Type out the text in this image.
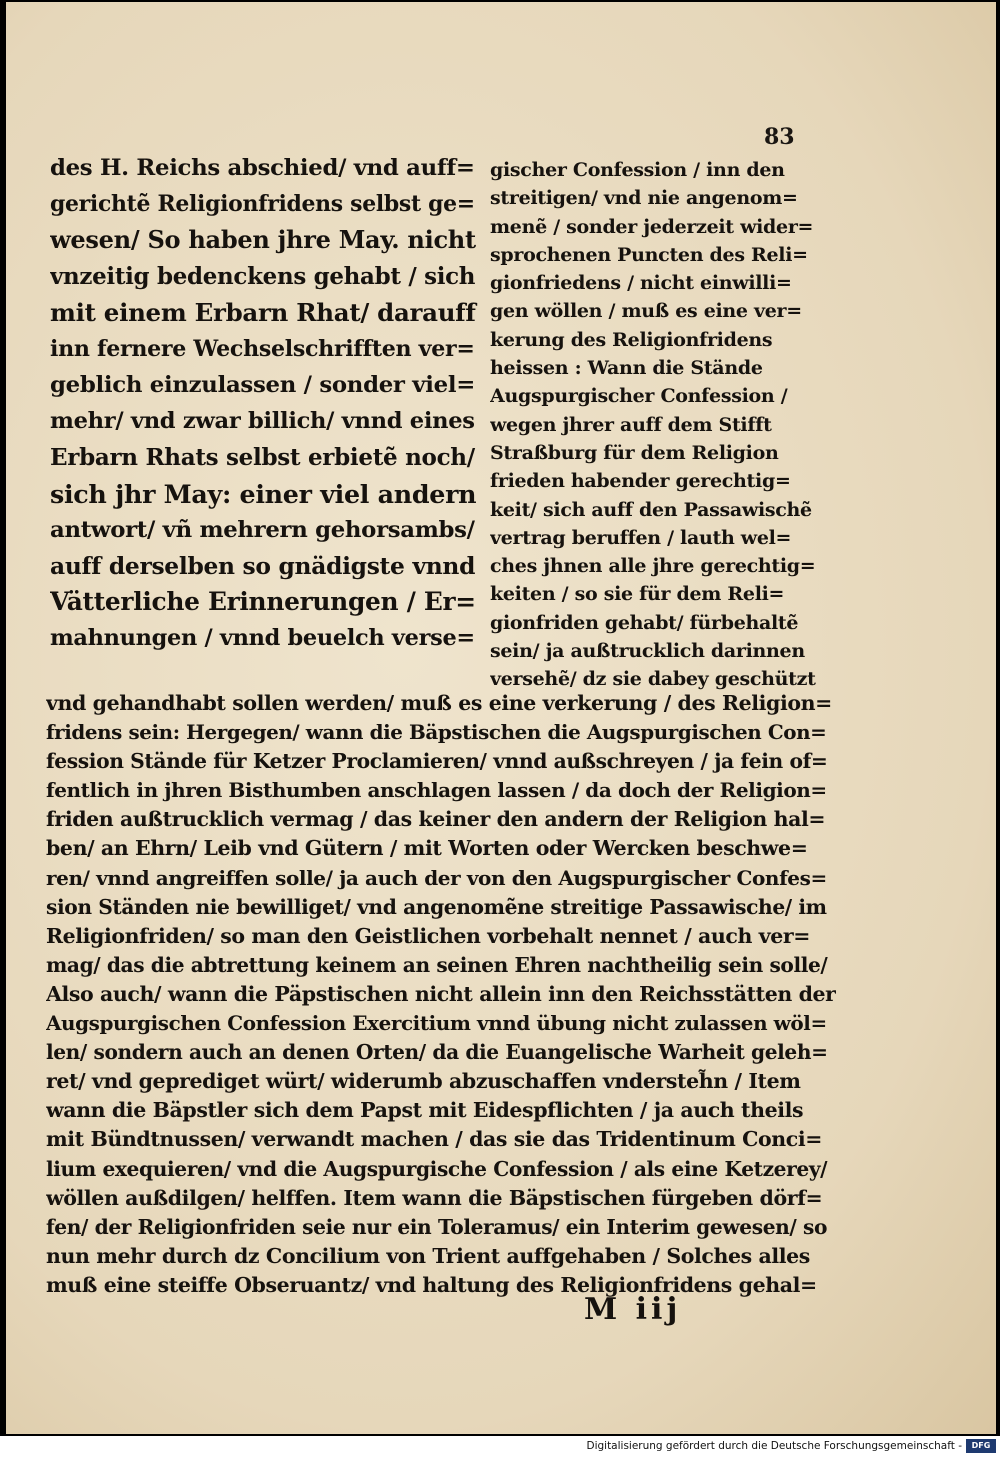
83
des H. Reichs abschied/ vnd auff=
gerichtẽ Religionfridens selbst ge=
wesen/ So haben jhre May. nicht
vnzeitig bedenckens gehabt / sich
mit einem Erbarn Rhat/ darauff
inn fernere Wechselschrifften ver=
geblich einzulassen / sonder viel=
mehr/ vnd zwar billich/ vnnd eines
Erbarn Rhats selbst erbietẽ noch/
sich jhr May: einer viel andern
antwort/ vñ mehrern gehorsambs/
auff derselben so gnädigste vnnd
Vätterliche Erinnerungen / Er=
mahnungen / vnnd beuelch verse=
gischer Confession / inn den
streitigen/ vnd nie angenom=
menẽ / sonder jederzeit wider=
sprochenen Puncten des Reli=
gionfriedens / nicht einwilli=
gen wöllen / muß es eine ver=
kerung des Religionfridens
heissen : Wann die Stände
Augspurgischer Confession /
wegen jhrer auff dem Stifft
Straßburg für dem Religion
frieden habender gerechtig=
keit/ sich auff den Passawischẽ
vertrag beruffen / lauth wel=
ches jhnen alle jhre gerechtig=
keiten / so sie für dem Reli=
gionfriden gehabt/ fürbehaltẽ
sein/ ja außtrucklich darinnen
versehẽ/ dz sie dabey geschützt
vnd gehandhabt sollen werden/ muß es eine verkerung / des Religion=
fridens sein: Hergegen/ wann die Bäpstischen die Augspurgischen Con=
fession Stände für Ketzer Proclamieren/ vnnd außschreyen / ja fein of=
fentlich in jhren Bisthumben anschlagen lassen / da doch der Religion=
friden außtrucklich vermag / das keiner den andern der Religion hal=
ben/ an Ehrn/ Leib vnd Gütern / mit Worten oder Wercken beschwe=
ren/ vnnd angreiffen solle/ ja auch der von den Augspurgischer Confes=
sion Ständen nie bewilliget/ vnd angenomẽne streitige Passawische/ im
Religionfriden/ so man den Geistlichen vorbehalt nennet / auch ver=
mag/ das die abtrettung keinem an seinen Ehren nachtheilig sein solle/
Also auch/ wann die Päpstischen nicht allein inn den Reichsstätten der
Augspurgischen Confession Exercitium vnnd übung nicht zulassen wöl=
len/ sondern auch an denen Orten/ da die Euangelische Warheit geleh=
ret/ vnd geprediget würt/ widerumb abzuschaffen vndersteh̃n / Item
wann die Bäpstler sich dem Papst mit Eidespflichten / ja auch theils
mit Bündtnussen/ verwandt machen / das sie das Tridentinum Conci=
lium exequieren/ vnd die Augspurgische Confession / als eine Ketzerey/
wöllen außdilgen/ helffen. Item wann die Bäpstischen fürgeben dörf=
fen/ der Religionfriden seie nur ein Toleramus/ ein Interim gewesen/ so
nun mehr durch dz Concilium von Trient auffgehaben / Solches alles
muß eine steiffe Obseruantz/ vnd haltung des Religionfridens gehal=
M iij
Digitalisierung gefördert durch die Deutsche Forschungsgemeinschaft -	DFG
